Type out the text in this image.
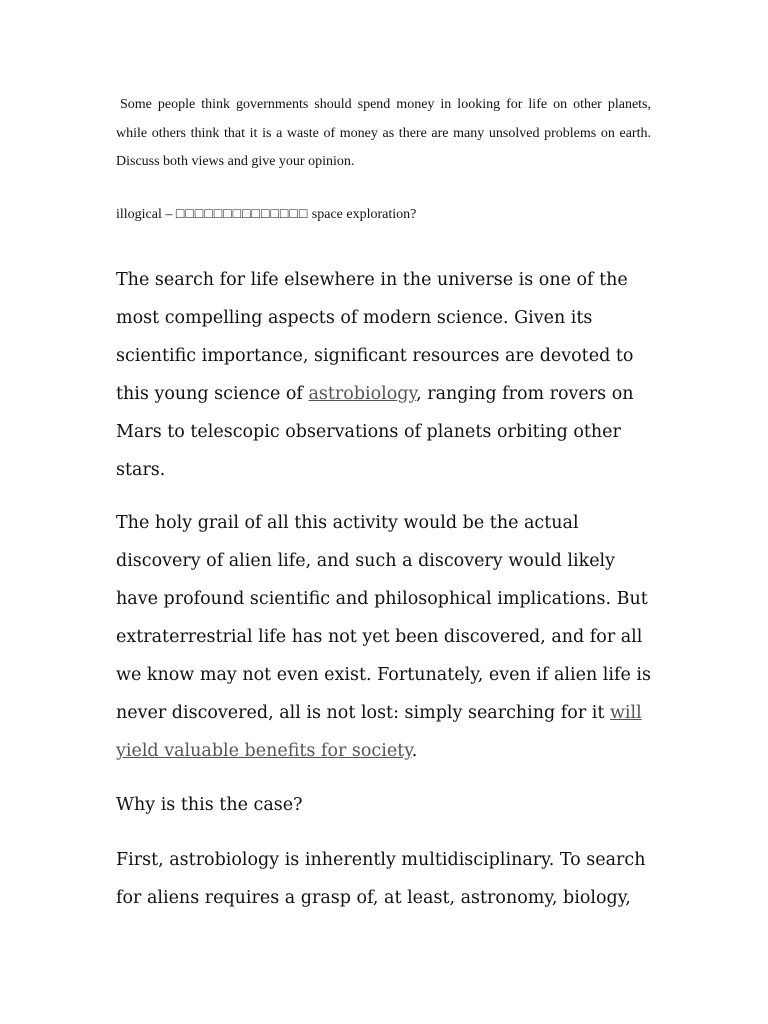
Some people think governments should spend money in looking for life on other planets, while others think that it is a waste of money as there are many unsolved problems on earth. Discuss both views and give your opinion.

illogical – □□□□□□□□□□□□□□ space exploration?

The search for life elsewhere in the universe is one of the most compelling aspects of modern science. Given its scientific importance, significant resources are devoted to this young science of astrobiology, ranging from rovers on Mars to telescopic observations of planets orbiting other stars.

The holy grail of all this activity would be the actual discovery of alien life, and such a discovery would likely have profound scientific and philosophical implications. But extraterrestrial life has not yet been discovered, and for all we know may not even exist. Fortunately, even if alien life is never discovered, all is not lost: simply searching for it will yield valuable benefits for society.

Why is this the case?

First, astrobiology is inherently multidisciplinary. To search for aliens requires a grasp of, at least, astronomy, biology,
